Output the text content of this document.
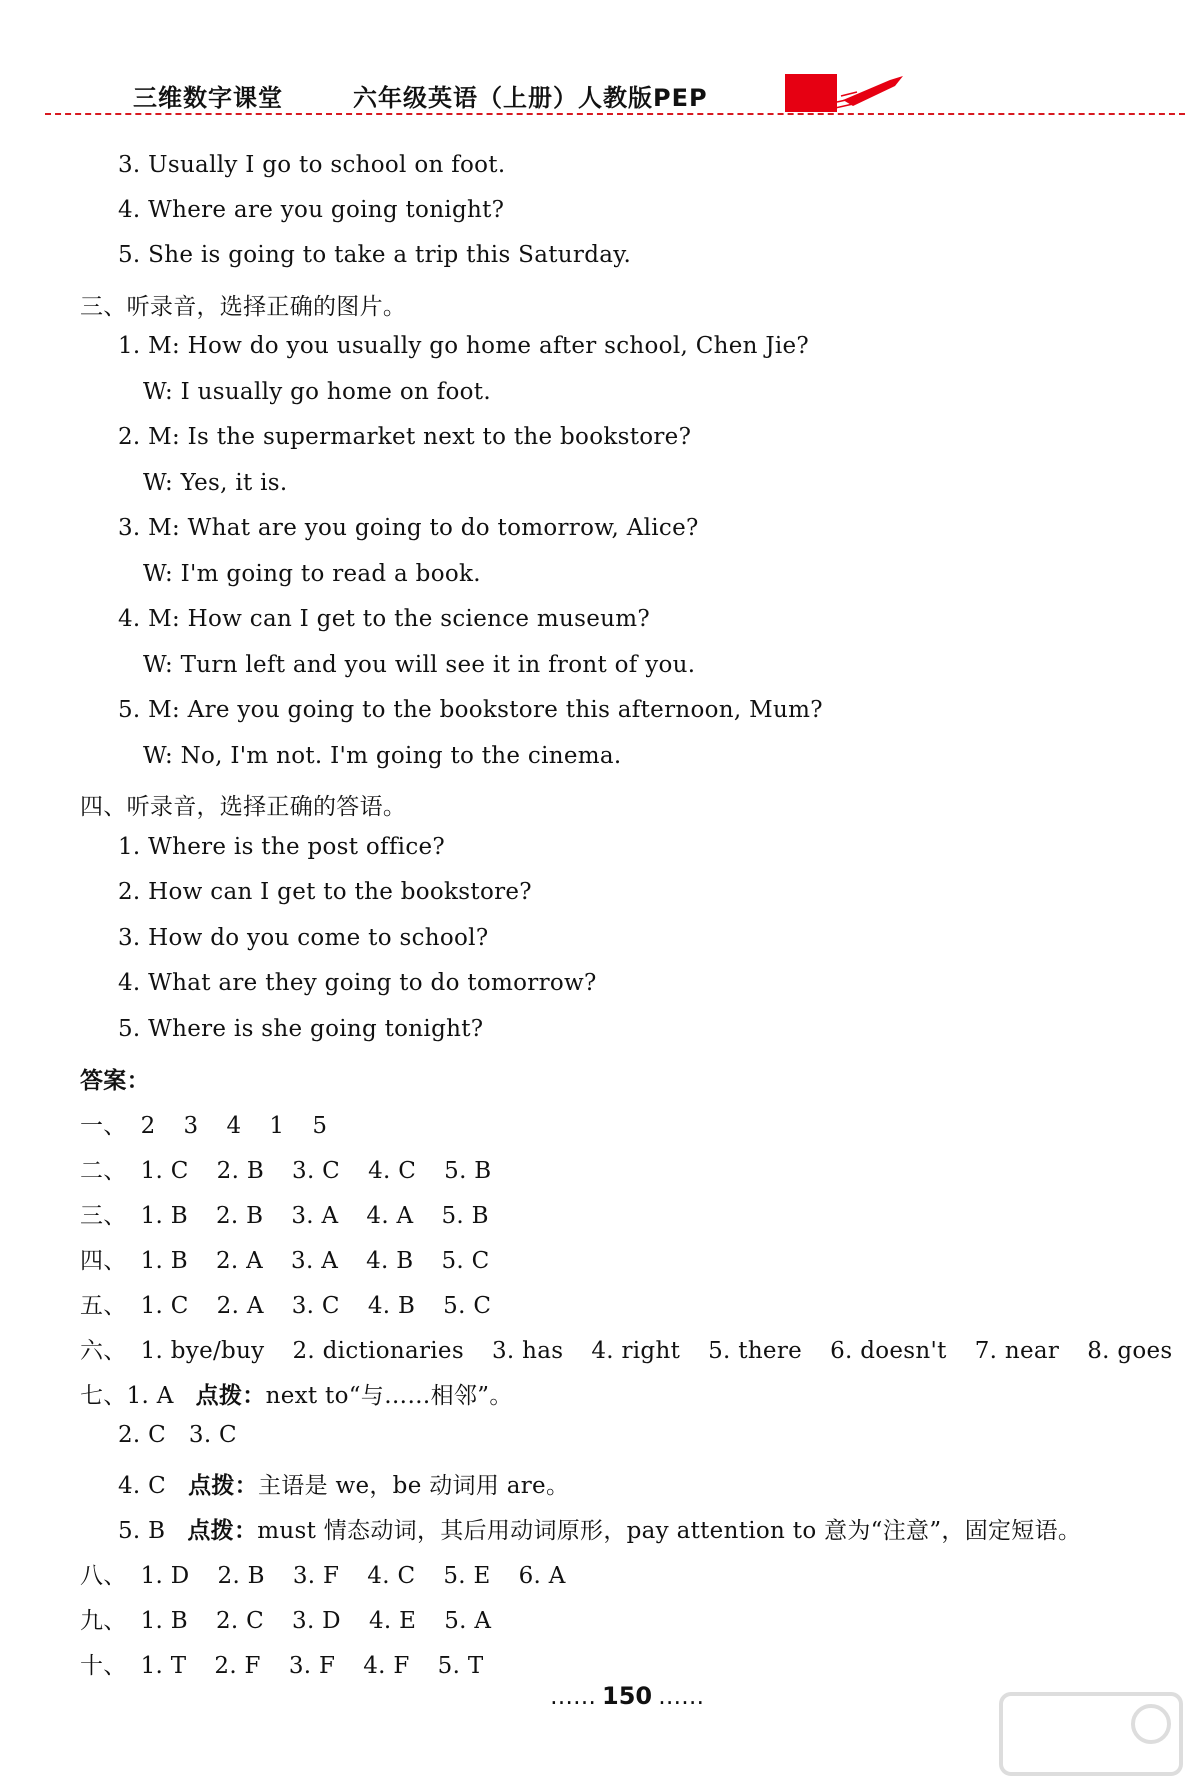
三维数字课堂	六年级英语（上册）人教版PEP
3. Usually I go to school on foot.
4. Where are you going tonight?
5. She is going to take a trip this Saturday.
三、听录音，选择正确的图片。
1. M: How do you usually go home after school, Chen Jie?
W: I usually go home on foot.
2. M: Is the supermarket next to the bookstore?
W: Yes, it is.
3. M: What are you going to do tomorrow, Alice?
W: I'm going to read a book.
4. M: How can I get to the science museum?
W: Turn left and you will see it in front of you.
5. M: Are you going to the bookstore this afternoon, Mum?
W: No, I'm not. I'm going to the cinema.
四、听录音，选择正确的答语。
1. Where is the post office?
2. How can I get to the bookstore?
3. How do you come to school?
4. What are they going to do tomorrow?
5. Where is she going tonight?
答案：
一、 2 3 4 1 5
二、 1. C 2. B 3. C 4. C 5. B
三、 1. B 2. B 3. A 4. A 5. B
四、 1. B 2. A 3. A 4. B 5. C
五、 1. C 2. A 3. C 4. B 5. C
六、 1. bye/buy 2. dictionaries 3. has 4. right 5. there 6. doesn't 7. near 8. goes
七、1. A 点拨：next to“与……相邻”。
2. C   3. C
4. C 点拨：主语是 we，be 动词用 are。
5. B 点拨：must 情态动词，其后用动词原形，pay attention to 意为“注意”，固定短语。
八、 1. D 2. B 3. F 4. C 5. E 6. A
九、 1. B 2. C 3. D 4. E 5. A
十、 1. T 2. F 3. F 4. F 5. T
…… 150 ……
